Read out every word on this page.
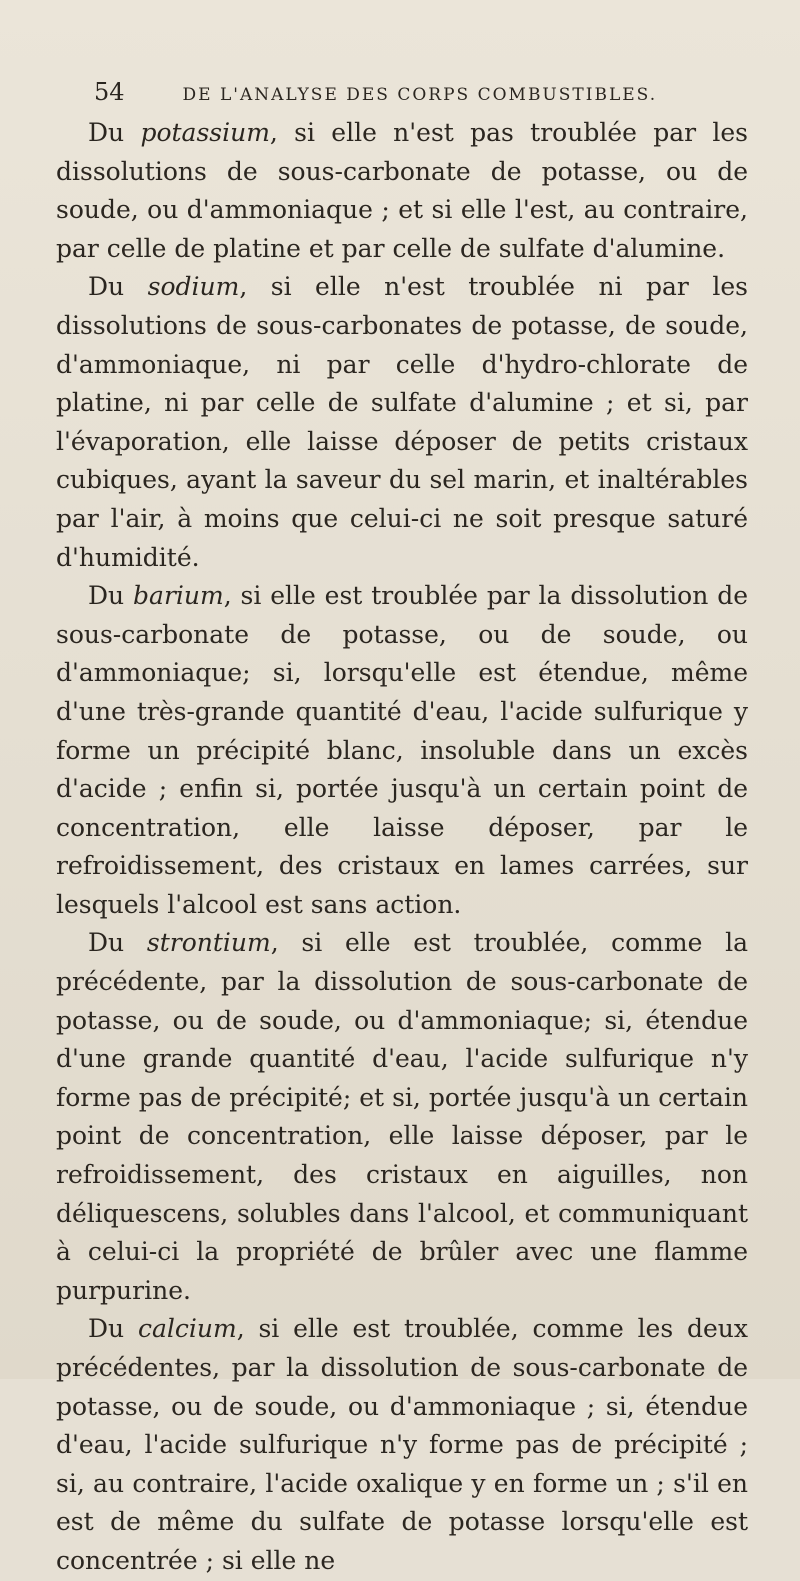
54	DE L'ANALYSE DES CORPS COMBUSTIBLES.

Du potassium, si elle n'est pas troublée par les dissolutions de sous-carbonate de potasse, ou de soude, ou d'ammoniaque ; et si elle l'est, au contraire, par celle de platine et par celle de sulfate d'alumine.

Du sodium, si elle n'est troublée ni par les dissolutions de sous-carbonates de potasse, de soude, d'ammoniaque, ni par celle d'hydro-chlorate de platine, ni par celle de sulfate d'alumine ; et si, par l'évaporation, elle laisse déposer de petits cristaux cubiques, ayant la saveur du sel marin, et inaltérables par l'air, à moins que celui-ci ne soit presque saturé d'humidité.

Du barium, si elle est troublée par la dissolution de sous-carbonate de potasse, ou de soude, ou d'ammoniaque; si, lorsqu'elle est étendue, même d'une très-grande quantité d'eau, l'acide sulfurique y forme un précipité blanc, insoluble dans un excès d'acide ; enfin si, portée jusqu'à un certain point de concentration, elle laisse déposer, par le refroidissement, des cristaux en lames carrées, sur lesquels l'alcool est sans action.

Du strontium, si elle est troublée, comme la précédente, par la dissolution de sous-carbonate de potasse, ou de soude, ou d'ammoniaque; si, étendue d'une grande quantité d'eau, l'acide sulfurique n'y forme pas de précipité; et si, portée jusqu'à un certain point de concentration, elle laisse déposer, par le refroidissement, des cristaux en aiguilles, non déliquescens, solubles dans l'alcool, et communiquant à celui-ci la propriété de brûler avec une flamme purpurine.

Du calcium, si elle est troublée, comme les deux précédentes, par la dissolution de sous-carbonate de potasse, ou de soude, ou d'ammoniaque ; si, étendue d'eau, l'acide sulfurique n'y forme pas de précipité ; si, au contraire, l'acide oxalique y en forme un ; s'il en est de même du sulfate de potasse lorsqu'elle est concentrée ; si elle ne
